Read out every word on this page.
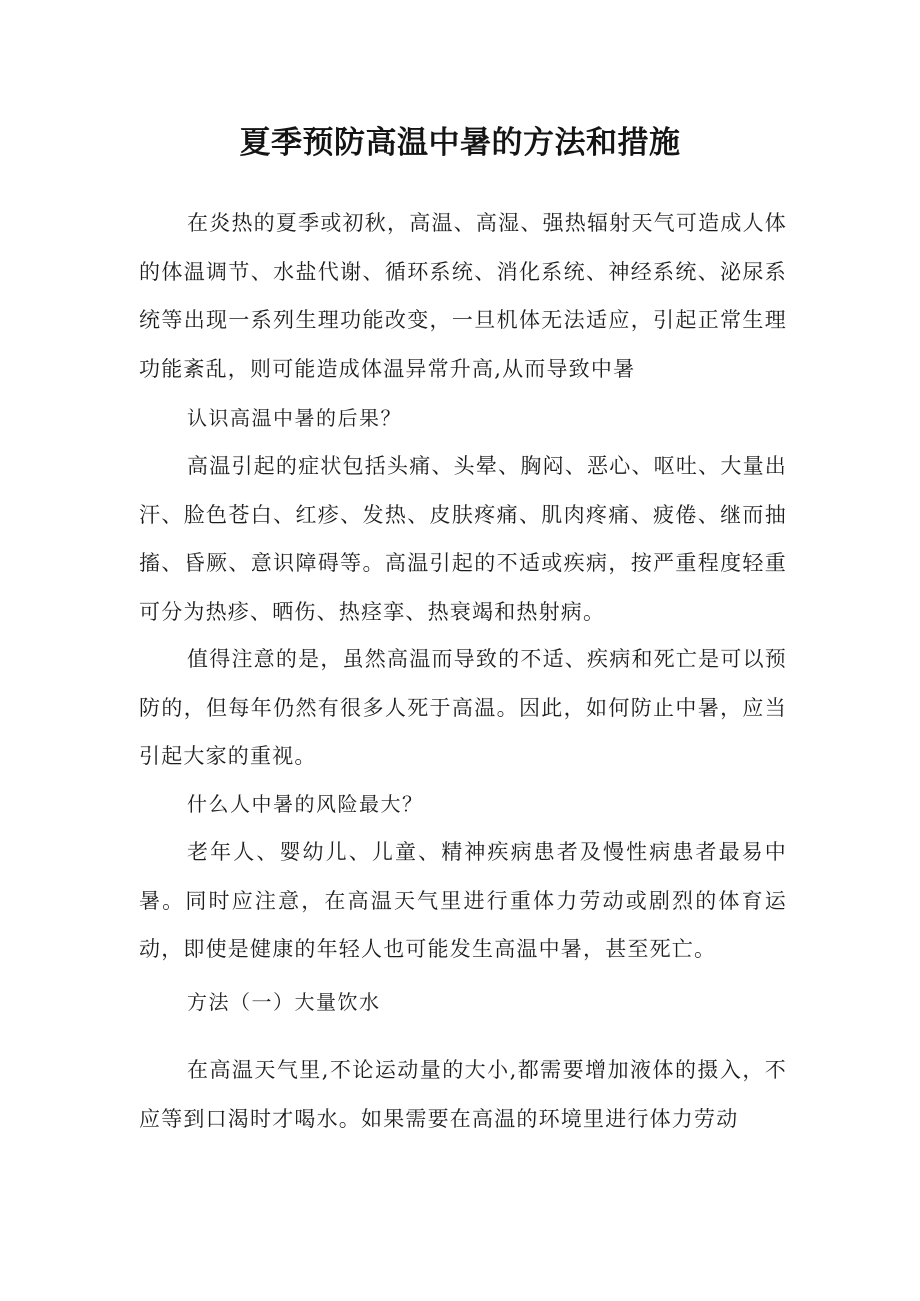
夏季预防高温中暑的方法和措施

在炎热的夏季或初秋，高温、高湿、强热辐射天气可造成人体的体温调节、水盐代谢、循环系统、消化系统、神经系统、泌尿系统等出现一系列生理功能改变，一旦机体无法适应，引起正常生理功能紊乱，则可能造成体温异常升高,从而导致中暑

认识高温中暑的后果？

高温引起的症状包括头痛、头晕、胸闷、恶心、呕吐、大量出汗、脸色苍白、红疹、发热、皮肤疼痛、肌肉疼痛、疲倦、继而抽搐、昏厥、意识障碍等。高温引起的不适或疾病，按严重程度轻重可分为热疹、晒伤、热痉挛、热衰竭和热射病。

值得注意的是，虽然高温而导致的不适、疾病和死亡是可以预防的，但每年仍然有很多人死于高温。因此，如何防止中暑，应当引起大家的重视。

什么人中暑的风险最大？

老年人、婴幼儿、儿童、精神疾病患者及慢性病患者最易中暑。同时应注意，在高温天气里进行重体力劳动或剧烈的体育运动，即使是健康的年轻人也可能发生高温中暑，甚至死亡。

方法（一）大量饮水

在高温天气里,不论运动量的大小,都需要增加液体的摄入，不应等到口渴时才喝水。如果需要在高温的环境里进行体力劳动
